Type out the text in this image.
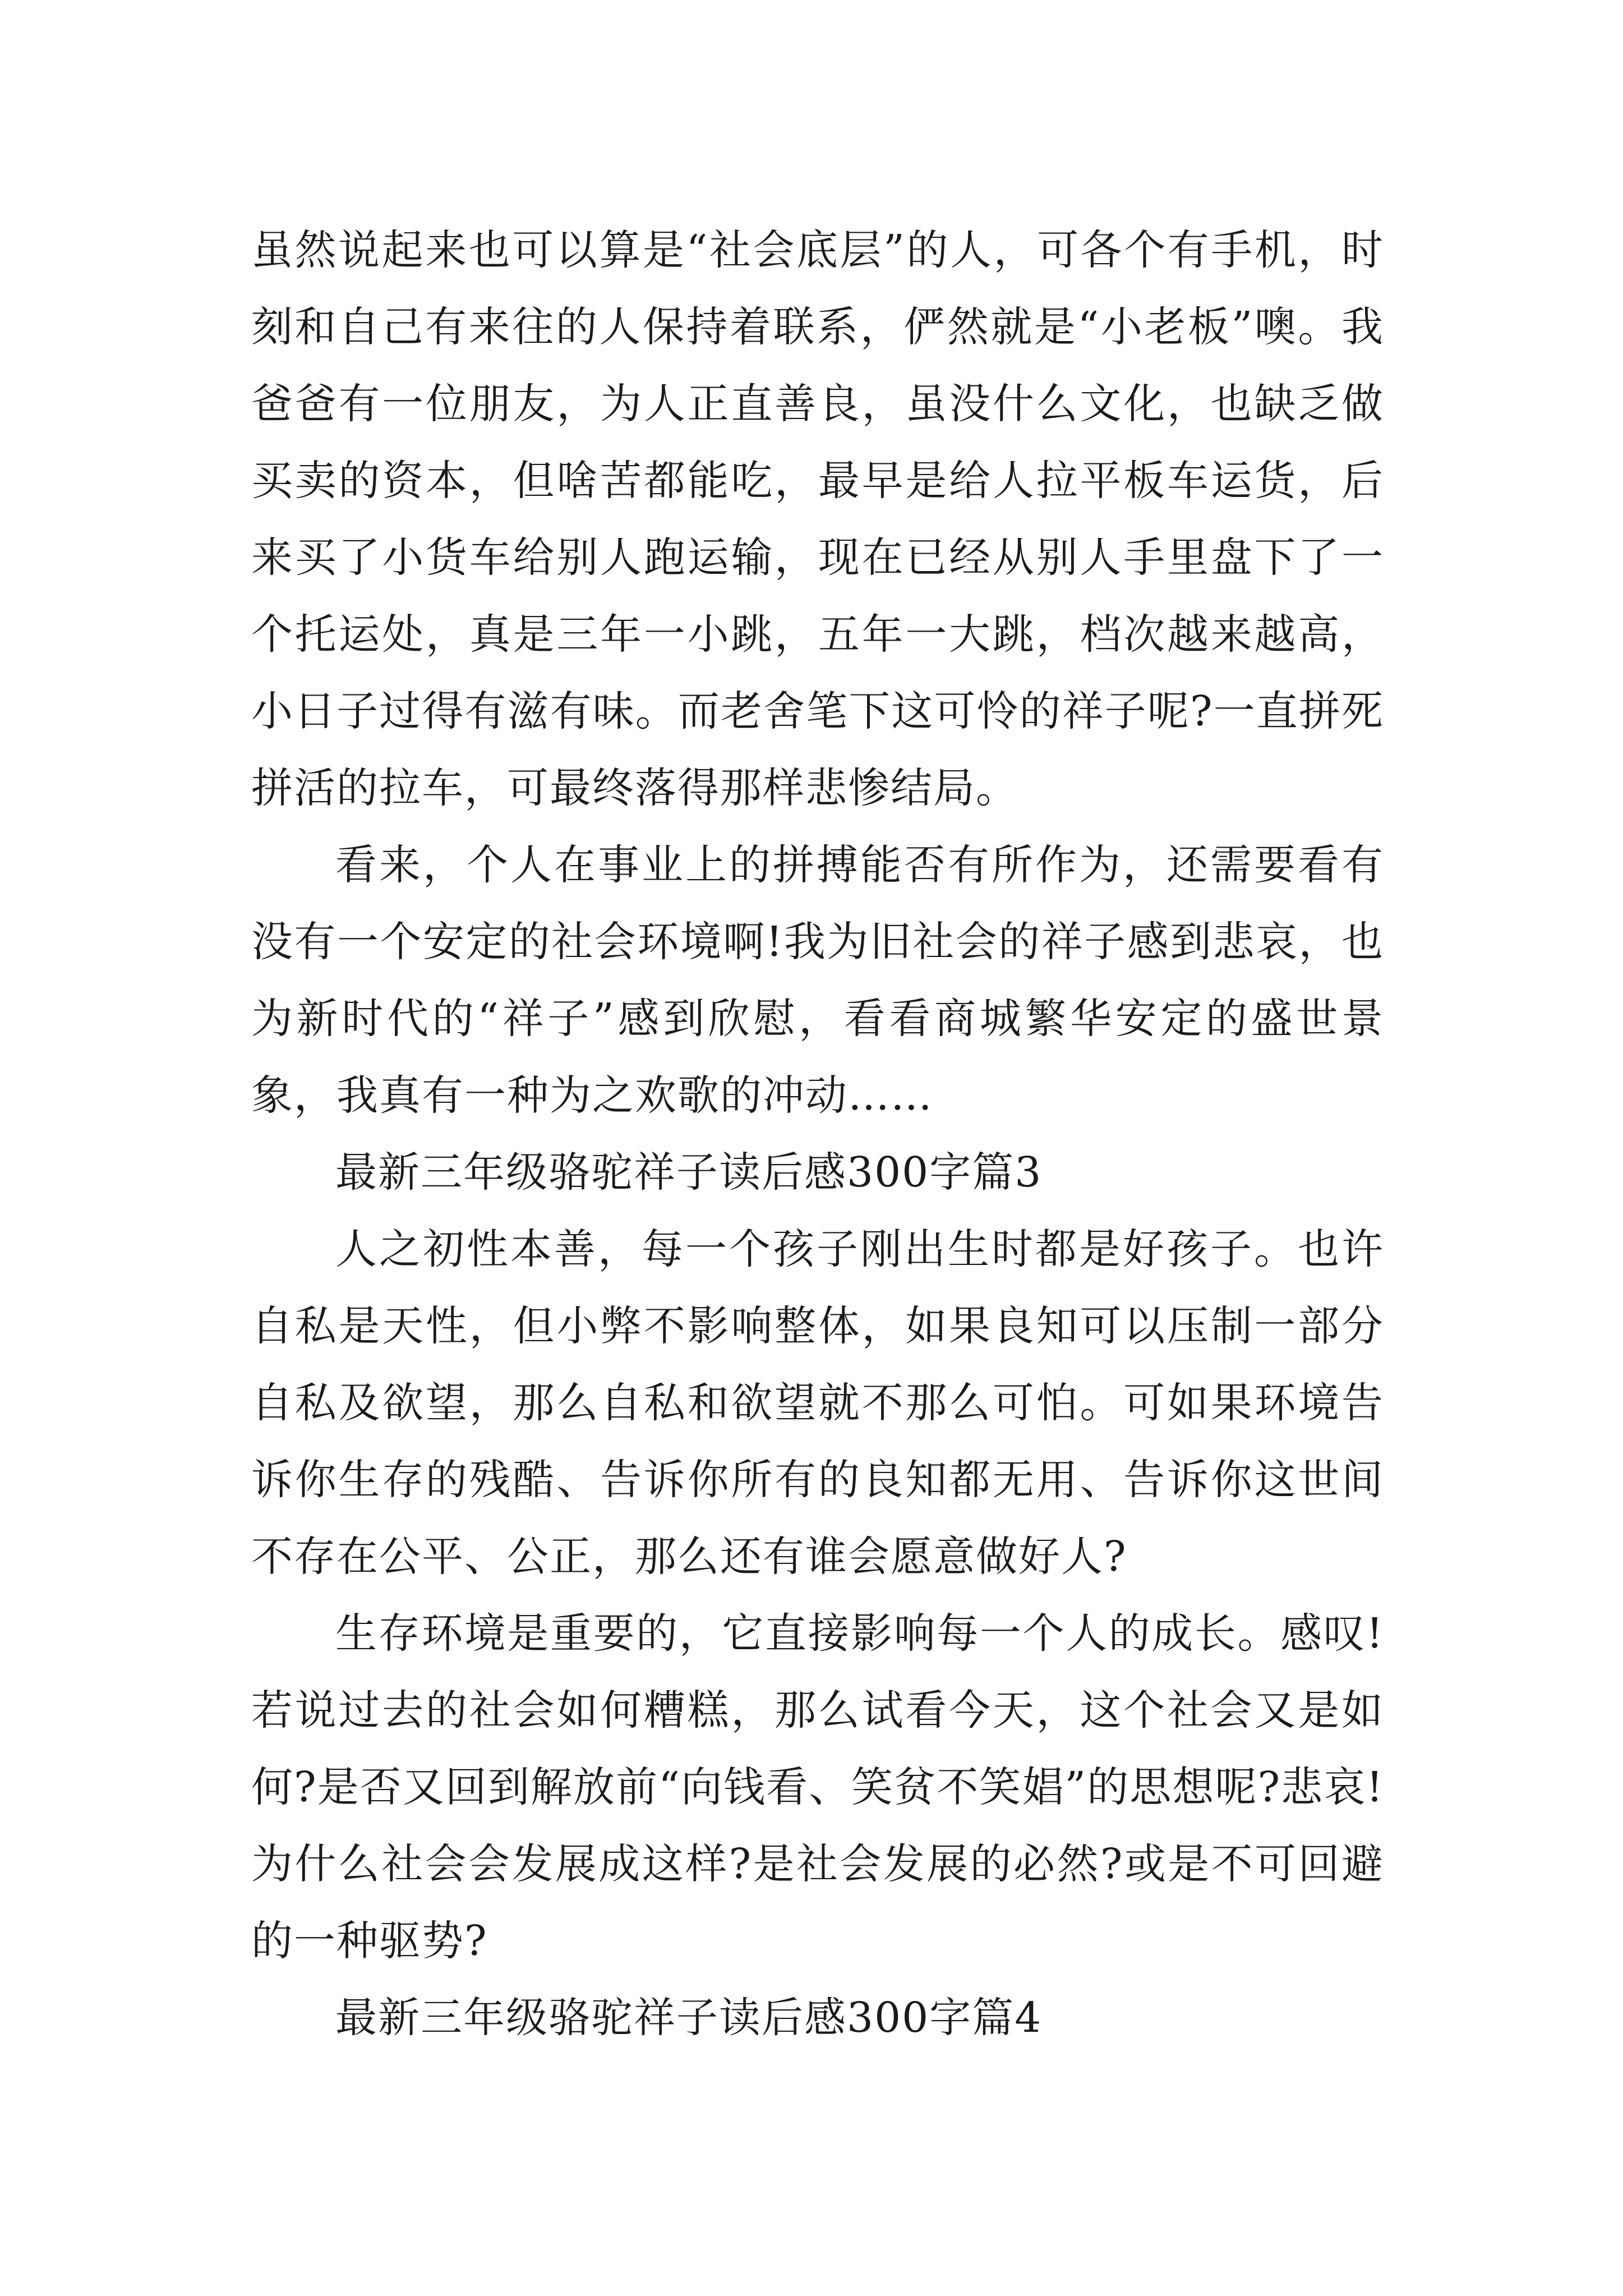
虽然说起来也可以算是“社会底层”的人，可各个有手机，时刻和自己有来往的人保持着联系，俨然就是“小老板”噢。我爸爸有一位朋友，为人正直善良，虽没什么文化，也缺乏做买卖的资本，但啥苦都能吃，最早是给人拉平板车运货，后来买了小货车给别人跑运输，现在已经从别人手里盘下了一个托运处，真是三年一小跳，五年一大跳，档次越来越高，小日子过得有滋有味。而老舍笔下这可怜的祥子呢?一直拼死拼活的拉车，可最终落得那样悲惨结局。

看来，个人在事业上的拼搏能否有所作为，还需要看有没有一个安定的社会环境啊!我为旧社会的祥子感到悲哀，也为新时代的“祥子”感到欣慰，看看商城繁华安定的盛世景象，我真有一种为之欢歌的冲动……

最新三年级骆驼祥子读后感300字篇3

人之初性本善，每一个孩子刚出生时都是好孩子。也许自私是天性，但小弊不影响整体，如果良知可以压制一部分自私及欲望，那么自私和欲望就不那么可怕。可如果环境告诉你生存的残酷、告诉你所有的良知都无用、告诉你这世间不存在公平、公正，那么还有谁会愿意做好人?

生存环境是重要的，它直接影响每一个人的成长。感叹!若说过去的社会如何糟糕，那么试看今天，这个社会又是如何?是否又回到解放前“向钱看、笑贫不笑娼”的思想呢?悲哀!为什么社会会发展成这样?是社会发展的必然?或是不可回避的一种驱势?

最新三年级骆驼祥子读后感300字篇4
